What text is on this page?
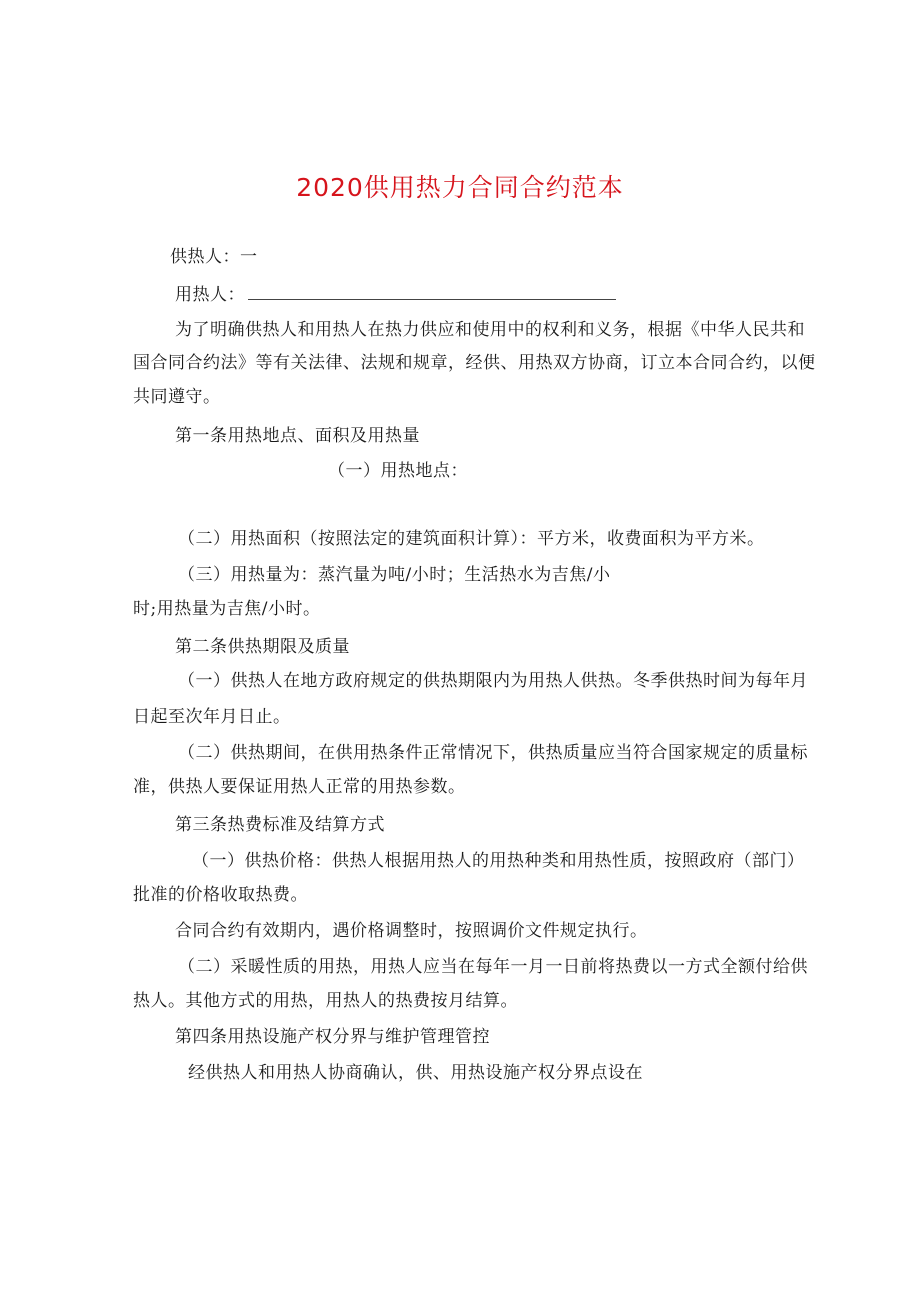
2020供用热力合同合约范本
供热人：一
用热人：
为了明确供热人和用热人在热力供应和使用中的权利和义务，根据《中华人民共和
国合同合约法》等有关法律、法规和规章，经供、用热双方协商，订立本合同合约，以便
共同遵守。
第一条用热地点、面积及用热量
（一）用热地点：
（二）用热面积（按照法定的建筑面积计算）：平方米，收费面积为平方米。
（三）用热量为：蒸汽量为吨/小时；生活热水为吉焦/小
时;用热量为吉焦/小时。
第二条供热期限及质量
（一）供热人在地方政府规定的供热期限内为用热人供热。冬季供热时间为每年月
日起至次年月日止。
（二）供热期间，在供用热条件正常情况下，供热质量应当符合国家规定的质量标
准，供热人要保证用热人正常的用热参数。
第三条热费标准及结算方式
（一）供热价格：供热人根据用热人的用热种类和用热性质，按照政府（部门）
批准的价格收取热费。
合同合约有效期内，遇价格调整时，按照调价文件规定执行。
（二）采暖性质的用热，用热人应当在每年一月一日前将热费以一方式全额付给供
热人。其他方式的用热，用热人的热费按月结算。
第四条用热设施产权分界与维护管理管控
经供热人和用热人协商确认，供、用热设施产权分界点设在
